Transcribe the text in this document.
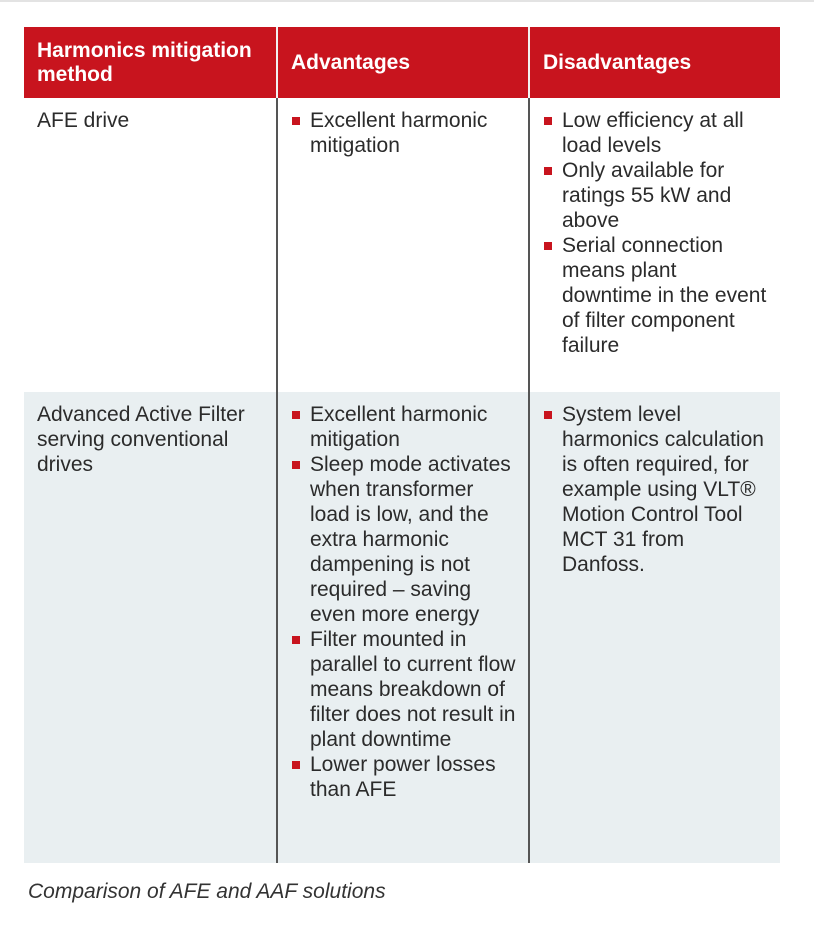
Harmonics mitigation method
Advantages	Disadvantages
AFE drive	Excellent harmonic mitigation
Low efficiency at all load levels
Only available for ratings 55 kW and above
Serial connection means plant downtime in the event of filter component failure
Advanced Active Filter serving conventional drives
Excellent harmonic mitigation
Sleep mode activates when transformer load is low, and the extra harmonic dampening is not required – saving even more energy
Filter mounted in parallel to current flow means breakdown of filter does not result in plant downtime
Lower power losses than AFE
System level harmonics calculation is often required, for example using VLT® Motion Control Tool MCT 31 from Danfoss.
Comparison of AFE and AAF solutions
